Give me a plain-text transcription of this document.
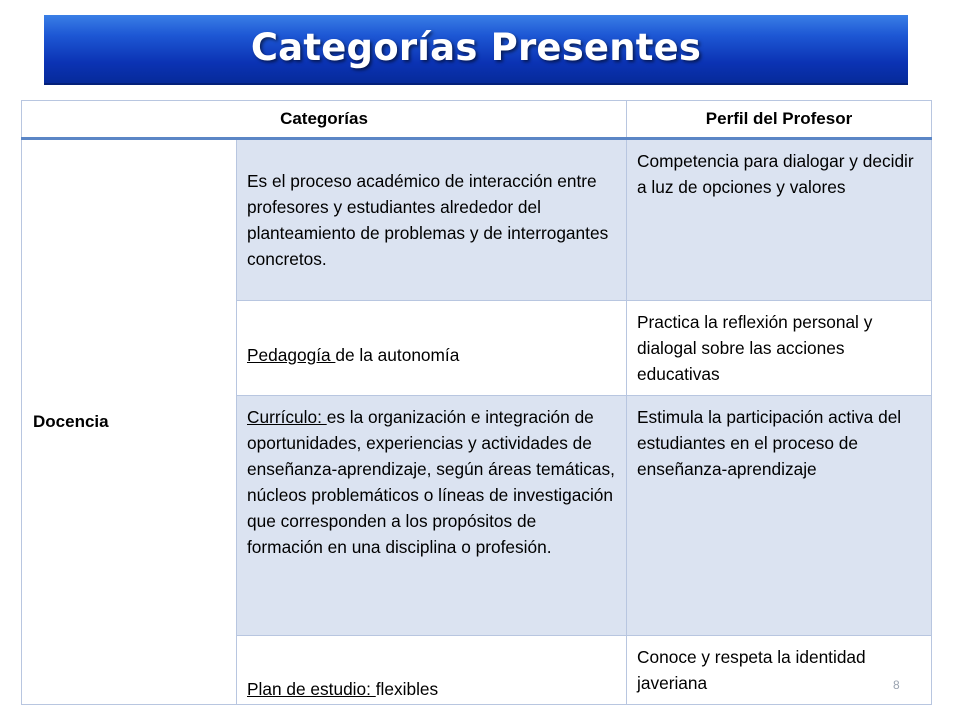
Categorías Presentes
Categorías		Perfil del Profesor
Docencia	Es el proceso académico de interacción entre profesores y estudiantes alrededor del planteamiento de problemas y de interrogantes concretos.	Competencia para dialogar y decidir a luz de opciones y valores
	Pedagogía de la autonomía	Practica la reflexión personal y dialogal sobre las acciones educativas
	Currículo: es la organización e integración de oportunidades, experiencias y actividades de enseñanza-aprendizaje, según áreas temáticas, núcleos problemáticos o líneas de investigación que corresponden a los propósitos de formación en una disciplina o profesión.	Estimula la participación activa del estudiantes en el proceso de enseñanza-aprendizaje
	Plan de estudio: flexibles	Conoce y respeta la identidad javeriana	8
